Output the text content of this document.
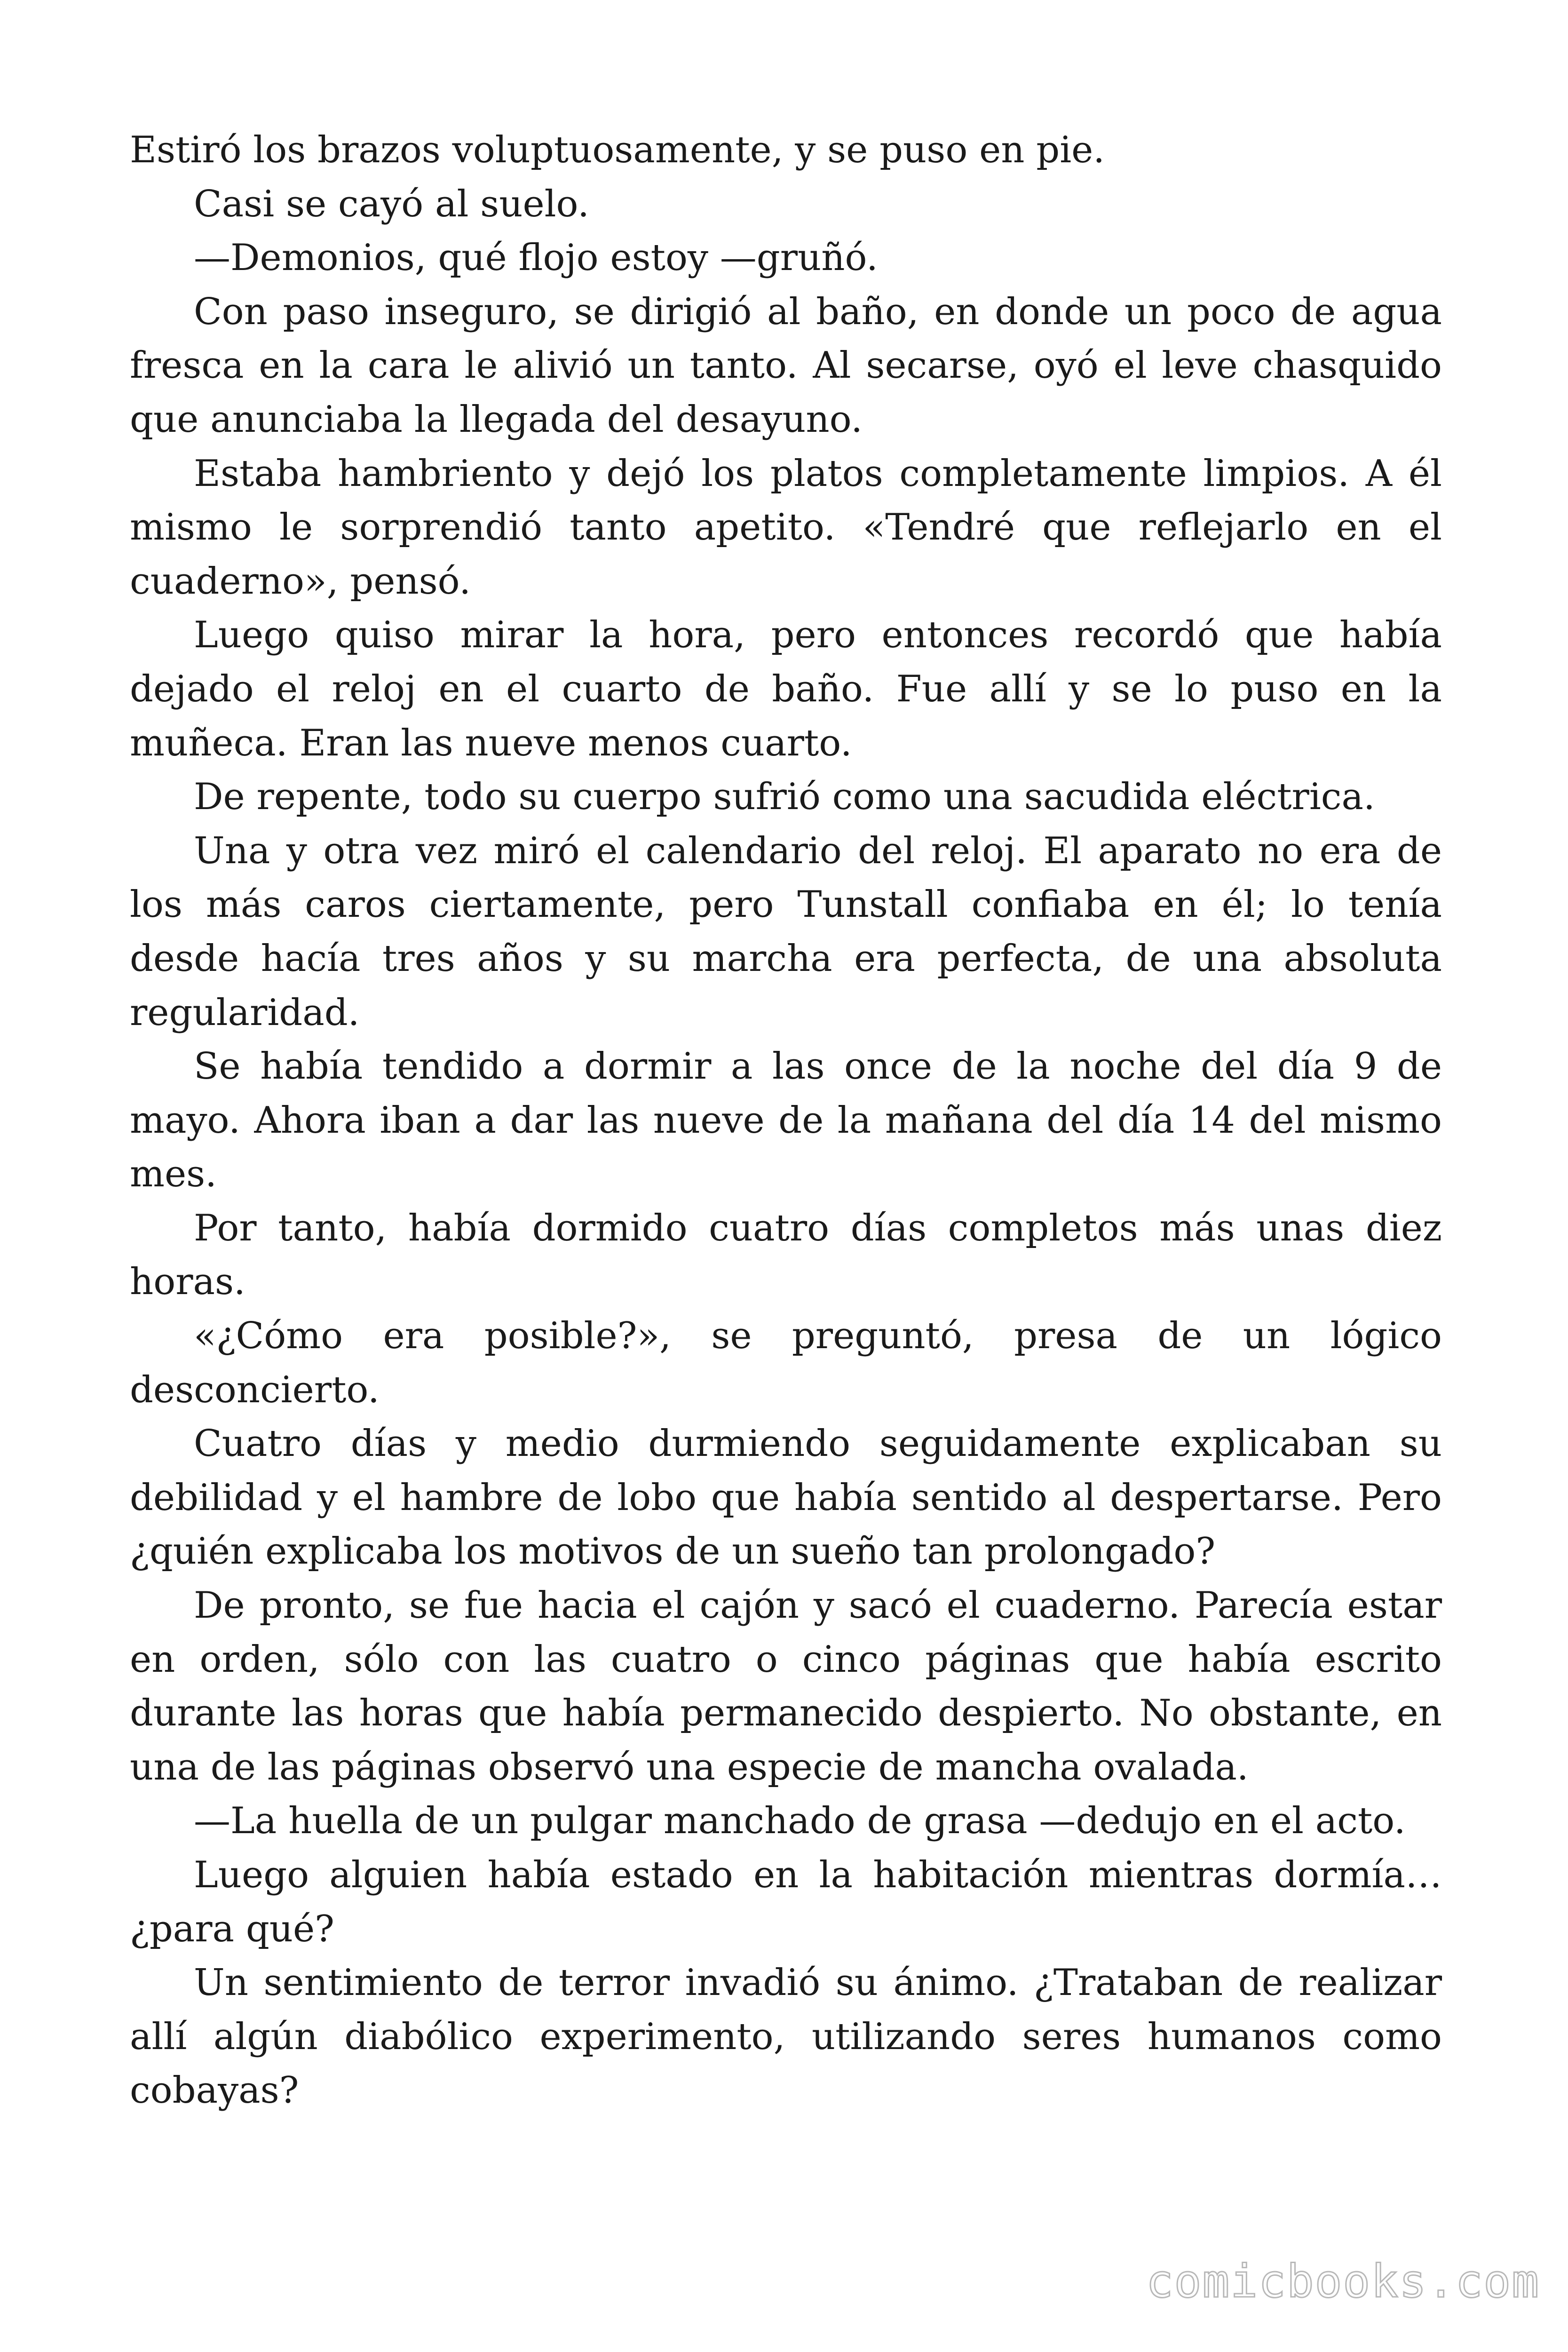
Estiró los brazos voluptuosamente, y se puso en pie.

Casi se cayó al suelo.

—Demonios, qué flojo estoy —gruñó.

Con paso inseguro, se dirigió al baño, en donde un poco de agua fresca en la cara le alivió un tanto. Al secarse, oyó el leve chasquido que anunciaba la llegada del desayuno.

Estaba hambriento y dejó los platos completamente limpios. A él mismo le sorprendió tanto apetito. «Tendré que reflejarlo en el cuaderno», pensó.

Luego quiso mirar la hora, pero entonces recordó que había dejado el reloj en el cuarto de baño. Fue allí y se lo puso en la muñeca. Eran las nueve menos cuarto.

De repente, todo su cuerpo sufrió como una sacudida eléctrica.

Una y otra vez miró el calendario del reloj. El aparato no era de los más caros ciertamente, pero Tunstall confiaba en él; lo tenía desde hacía tres años y su marcha era perfecta, de una absoluta regularidad.

Se había tendido a dormir a las once de la noche del día 9 de mayo. Ahora iban a dar las nueve de la mañana del día 14 del mismo mes.

Por tanto, había dormido cuatro días completos más unas diez horas.

«¿Cómo era posible?», se preguntó, presa de un lógico desconcierto.

Cuatro días y medio durmiendo seguidamente explicaban su debilidad y el hambre de lobo que había sentido al despertarse. Pero ¿quién explicaba los motivos de un sueño tan prolongado?

De pronto, se fue hacia el cajón y sacó el cuaderno. Parecía estar en orden, sólo con las cuatro o cinco páginas que había escrito durante las horas que había permanecido despierto. No obstante, en una de las páginas observó una especie de mancha ovalada.

—La huella de un pulgar manchado de grasa —dedujo en el acto.

Luego alguien había estado en la habitación mientras dormía… ¿para qué?

Un sentimiento de terror invadió su ánimo. ¿Trataban de realizar allí algún diabólico experimento, utilizando seres humanos como cobayas?

comicbooks.com
